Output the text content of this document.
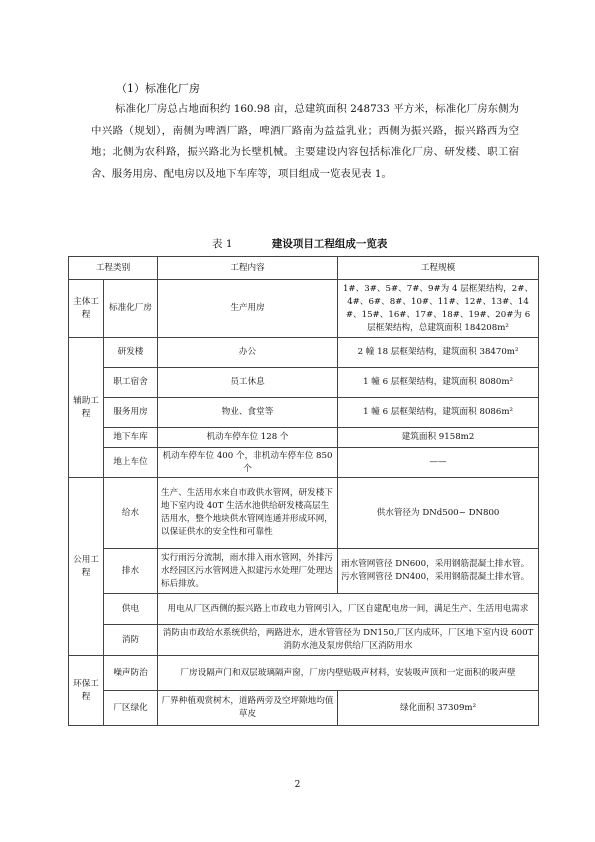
（1）标准化厂房

标准化厂房总占地面积约 160.98 亩，总建筑面积 248733 平方米，标准化厂房东侧为中兴路（规划），南侧为啤酒厂路，啤酒厂路南为益益乳业；西侧为振兴路，振兴路西为空地；北侧为农科路，振兴路北为长壁机械。主要建设内容包括标准化厂房、研发楼、职工宿舍、服务用房、配电房以及地下车库等，项目组成一览表见表 1。

表 1	建设项目工程组成一览表
工程类别		工程内容	工程规模
主体工程	标准化厂房	生产用房	1#、3#、5#、7#、9#为 4 层框架结构，2#、4#、6#、8#、10#、11#、12#、13#、14#、15#、16#、17#、18#、19#、20#为 6 层框架结构，总建筑面积 184208m²
辅助工程	研发楼	办公	2 幢 18 层框架结构，建筑面积 38470m²
	职工宿舍	员工休息	1 幢 6 层框架结构，建筑面积 8080m²
	服务用房	物业、食堂等	1 幢 6 层框架结构，建筑面积 8086m²
	地下车库	机动车停车位 128 个	建筑面积 9158m2
	地上车位	机动车停车位 400 个，非机动车停车位 850 个	——
公用工程	给水	生产、生活用水来自市政供水管网，研发楼下地下室内设 40T 生活水池供给研发楼高层生活用水，整个地块供水管网连通并形成环网，以保证供水的安全性和可靠性	供水管径为 DNd500~ DN800
	排水	实行雨污分流制，雨水排入雨水管网，外排污水经园区污水管网进入拟建污水处理厂处理达标后排放。	雨水管网管径 DN600，采用钢筋混凝土排水管。污水管网管径 DN400，采用钢筋混凝土排水管。
	供电	用电从厂区西侧的振兴路上市政电力管网引入，厂区自建配电房一间，满足生产、生活用电需求	
	消防	消防由市政给水系统供给，两路进水，进水管管径为 DN150,厂区内成环，厂区地下室内设 600T 消防水池及泵房供给厂区消防用水	
环保工程	噪声防治	厂房设隔声门和双层玻璃隔声窗，厂房内壁贴吸声材料，安装吸声顶和一定面积的吸声壁	
	厂区绿化	厂界种植观赏树木，道路两旁及空坪隙地均值草皮	绿化面积 37309m²
2
